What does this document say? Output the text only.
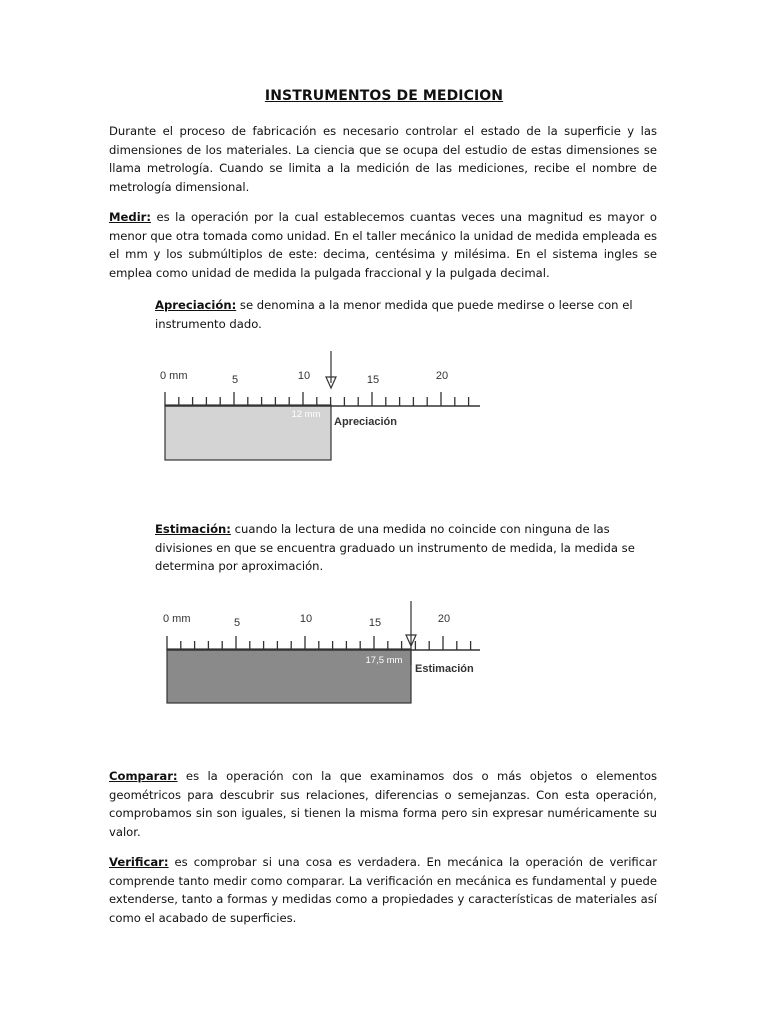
INSTRUMENTOS DE MEDICION

Durante el proceso de fabricación es necesario controlar el estado de la superficie y las dimensiones de los materiales. La ciencia que se ocupa del estudio de estas dimensiones se llama metrología. Cuando se limita a la medición de las mediciones, recibe el nombre de metrología dimensional.

Medir: es la operación por la cual establecemos cuantas veces una magnitud es mayor o menor que otra tomada como unidad. En el taller mecánico la unidad de medida empleada es el mm y los submúltiplos de este: decima, centésima y milésima. En el sistema ingles se emplea como unidad de medida la pulgada fraccional y la pulgada decimal.

Apreciación: se denomina a la menor medida que puede medirse o leerse con el instrumento dado.

0 mm	5	10	15	20
12 mm
Apreciación

Estimación: cuando la lectura de una medida no coincide con ninguna de las divisiones en que se encuentra graduado un instrumento de medida, la medida se determina por aproximación.

0 mm	5	10	15	20
17,5 mm
Estimación

Comparar: es la operación con la que examinamos dos o más objetos o elementos geométricos para descubrir sus relaciones, diferencias o semejanzas. Con esta operación, comprobamos sin son iguales, si tienen la misma forma pero sin expresar numéricamente su valor.

Verificar: es comprobar si una cosa es verdadera. En mecánica la operación de verificar comprende tanto medir como comparar. La verificación en mecánica es fundamental y puede extenderse, tanto a formas y medidas como a propiedades y características de materiales así como el acabado de superficies.
